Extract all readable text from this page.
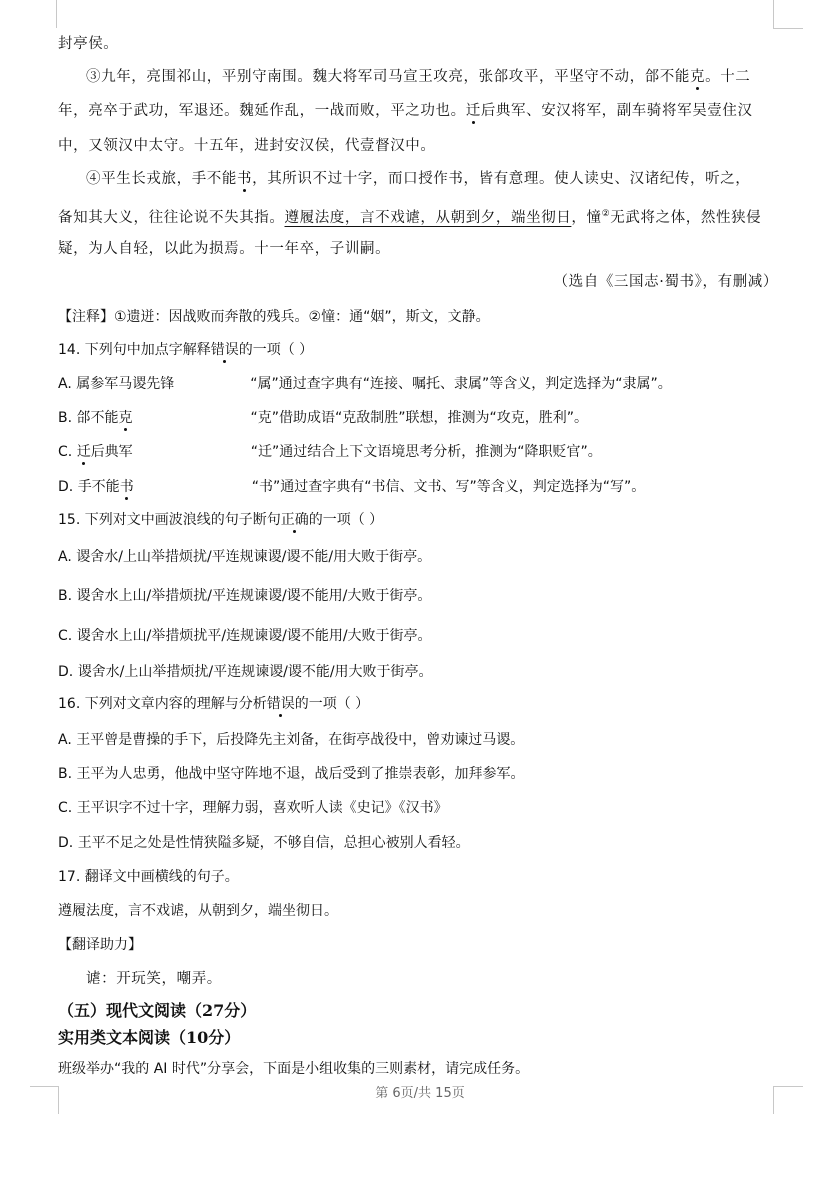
封亭侯。
③九年，亮围祁山，平别守南围。魏大将军司马宣王攻亮，张郃攻平，平坚守不动，郃不能克。十二
年，亮卒于武功，军退还。魏延作乱，一战而败，平之功也。迁后典军、安汉将军，副车骑将军吴壹住汉
中，又领汉中太守。十五年，进封安汉侯，代壹督汉中。
④平生长戎旅，手不能书，其所识不过十字，而口授作书，皆有意理。使人读史、汉诸纪传，听之，
备知其大义，往往论说不失其指。遵履法度，言不戏谑，从朝到夕，端坐彻日，憧②无武将之体，然性狭侵
疑，为人自轻，以此为损焉。十一年卒，子训嗣。
（选自《三国志·蜀书》，有删减）
【注释】①遗迸：因战败而奔散的残兵。②憧：通“姻”，斯文，文静。
14. 下列句中加点字解释错误的一项（ ）
A. 属参军马谡先锋	“属”通过查字典有“连接、嘱托、隶属”等含义，判定选择为“隶属”。
B. 郃不能克	“克”借助成语“克敌制胜”联想，推测为“攻克，胜利”。
C. 迁后典军	“迁”通过结合上下文语境思考分析，推测为“降职贬官”。
D. 手不能书	“书”通过查字典有“书信、文书、写”等含义，判定选择为“写”。
15. 下列对文中画波浪线的句子断句正确的一项（ ）
A. 谡舍水/上山举措烦扰/平连规谏谡/谡不能/用大败于街亭。
B. 谡舍水上山/举措烦扰/平连规谏谡/谡不能用/大败于街亭。
C. 谡舍水上山/举措烦扰平/连规谏谡/谡不能用/大败于街亭。
D. 谡舍水/上山举措烦扰/平连规谏谡/谡不能/用大败于街亭。
16. 下列对文章内容的理解与分析错误的一项（ ）
A. 王平曾是曹操的手下，后投降先主刘备，在街亭战役中，曾劝谏过马谡。
B. 王平为人忠勇，他战中坚守阵地不退，战后受到了推崇表彰，加拜参军。
C. 王平识字不过十字，理解力弱，喜欢听人读《史记》《汉书》
D. 王平不足之处是性情狭隘多疑，不够自信，总担心被别人看轻。
17. 翻译文中画横线的句子。
遵履法度，言不戏谑，从朝到夕，端坐彻日。
【翻译助力】
谑：开玩笑，嘲弄。
（五）现代文阅读（27分）
实用类文本阅读（10分）
班级举办“我的 AI 时代”分享会，下面是小组收集的三则素材，请完成任务。
第 6页/共 15页
